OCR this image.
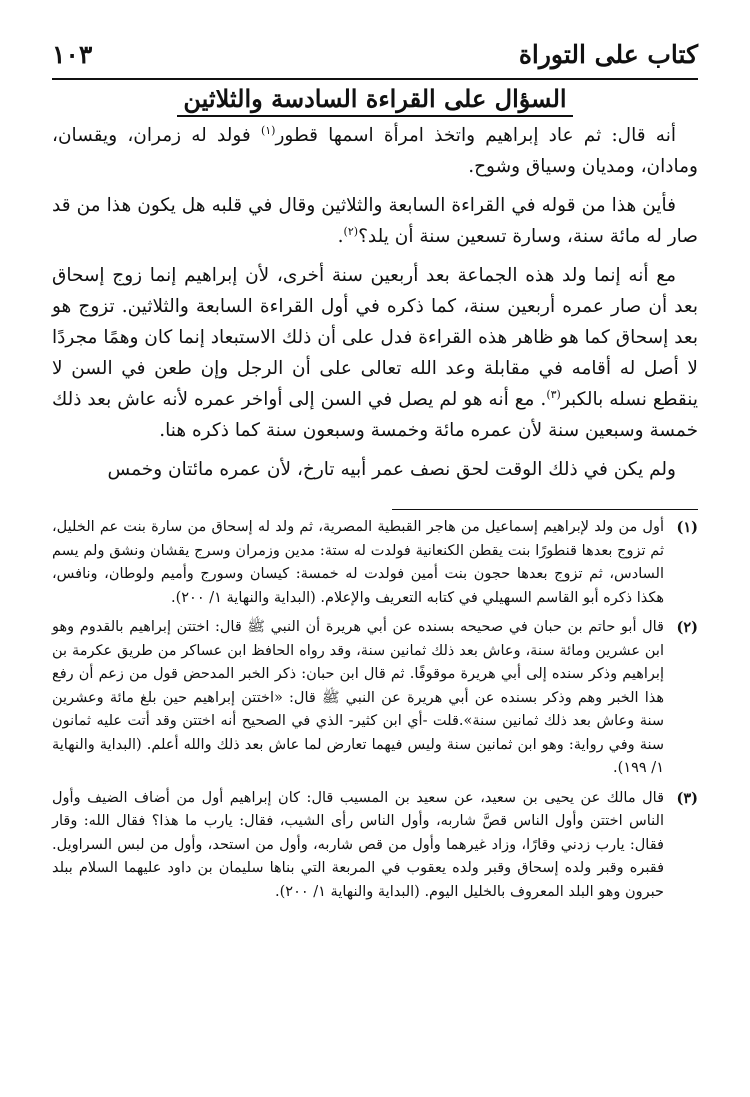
كتاب على التوراة
١٠٣
السؤال على القراءة السادسة والثلاثين

أنه قال: ثم عاد إبراهيم واتخذ امرأة اسمها قطور$^{(١)}$ فولد له زمران، ويقسان، ومادان، ومديان وسياق وشوح.

فأين هذا من قوله في القراءة السابعة والثلاثين وقال في قلبه هل يكون هذا من قد صار له مائة سنة، وسارة تسعين سنة أن يلد؟$^{(٢)}$.

مع أنه إنما ولد هذه الجماعة بعد أربعين سنة أخرى، لأن إبراهيم إنما زوج إسحاق بعد أن صار عمره أربعين سنة، كما ذكره في أول القراءة السابعة والثلاثين. تزوج هو بعد إسحاق كما هو ظاهر هذه القراءة فدل على أن ذلك الاستبعاد إنما كان وهمًا مجردًا لا أصل له أقامه في مقابلة وعد الله تعالى على أن الرجل وإن طعن في السن لا ينقطع نسله بالكبر$^{(٣)}$. مع أنه هو لم يصل في السن إلى أواخر عمره لأنه عاش بعد ذلك خمسة وسبعين سنة لأن عمره مائة وخمسة وسبعون سنة كما ذكره هنا.

ولم يكن في ذلك الوقت لحق نصف عمر أبيه تارخ، لأن عمره مائتان وخمس

(١)
أول من ولد لإبراهيم إسماعيل من هاجر القبطية المصرية، ثم ولد له إسحاق من سارة بنت عم الخليل، ثم تزوج بعدها قنطورًا بنت يقطن الكنعانية فولدت له ستة: مدين وزمران وسرج يقشان ونشق ولم يسم السادس، ثم تزوج بعدها حجون بنت أمين فولدت له خمسة: كيسان وسورج وأميم ولوطان، ونافس، هكذا ذكره أبو القاسم السهيلي في كتابه التعريف والإعلام. (البداية والنهاية ١/ ٢٠٠).
(٢)
قال أبو حاتم بن حبان في صحيحه بسنده عن أبي هريرة أن النبي ﷺ قال: اختتن إبراهيم بالقدوم وهو ابن عشرين ومائة سنة، وعاش بعد ذلك ثمانين سنة، وقد رواه الحافظ ابن عساكر من طريق عكرمة بن إبراهيم وذكر سنده إلى أبي هريرة موقوفًا. ثم قال ابن حبان: ذكر الخبر المدحض قول من زعم أن رفع هذا الخبر وهم وذكر بسنده عن أبي هريرة عن النبي ﷺ قال: «اختتن إبراهيم حين بلغ مائة وعشرين سنة وعاش بعد ذلك ثمانين سنة».قلت -أي ابن كثير- الذي في الصحيح أنه اختتن وقد أتت عليه ثمانون سنة وفي رواية: وهو ابن ثمانين سنة وليس فيهما تعارض لما عاش بعد ذلك والله أعلم. (البداية والنهاية ١/ ١٩٩).
(٣)
قال مالك عن يحيى بن سعيد، عن سعيد بن المسيب قال: كان إبراهيم أول من أضاف الضيف وأول الناس اختتن وأول الناس قصَّ شاربه، وأول الناس رأى الشيب، فقال: يارب ما هذا؟ فقال الله: وقار فقال: يارب زدني وقارًا، وزاد غيرهما وأول من قص شاربه، وأول من استحد، وأول من لبس السراويل. فقبره وقبر ولده إسحاق وقبر ولده يعقوب في المربعة التي بناها سليمان بن داود عليهما السلام ببلد حبرون وهو البلد المعروف بالخليل اليوم. (البداية والنهاية ١/ ٢٠٠).
